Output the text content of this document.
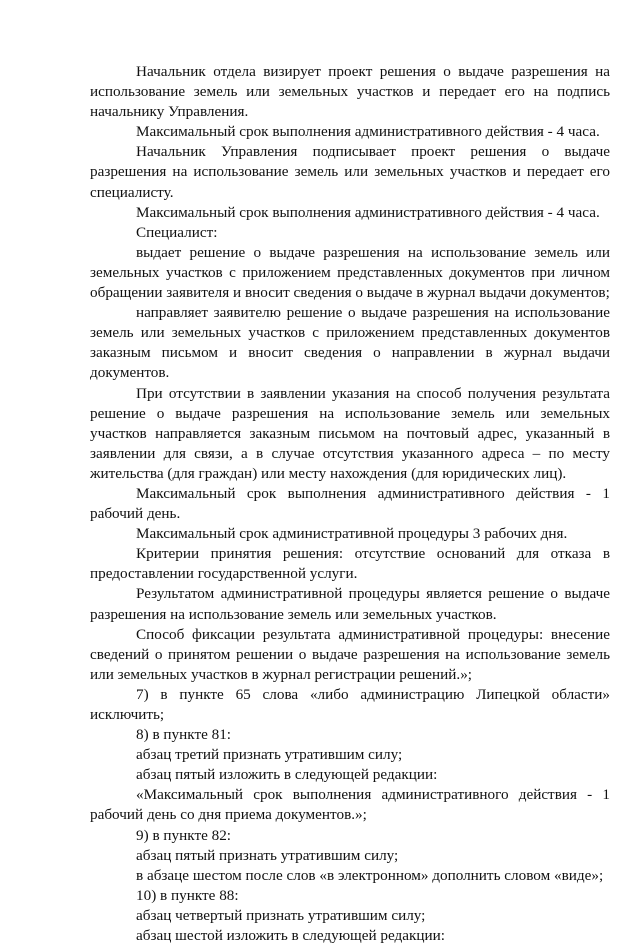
Начальник отдела визирует проект решения о выдаче разрешения на использование земель или земельных участков и передает его на подпись начальнику Управления.

Максимальный срок выполнения административного действия - 4 часа.

Начальник Управления подписывает проект решения о выдаче разрешения на использование земель или земельных участков и передает его специалисту.

Максимальный срок выполнения административного действия - 4 часа.

Специалист:

выдает решение о выдаче разрешения на использование земель или земельных участков с приложением представленных документов при личном обращении заявителя и вносит сведения о выдаче в журнал выдачи документов;

направляет заявителю решение о выдаче разрешения на использование земель или земельных участков с приложением представленных документов заказным письмом и вносит сведения о направлении в журнал выдачи документов.

При отсутствии в заявлении указания на способ получения результата решение о выдаче разрешения на использование земель или земельных участков направляется заказным письмом на почтовый адрес, указанный в заявлении для связи, а в случае отсутствия указанного адреса – по месту жительства (для граждан) или месту нахождения (для юридических лиц).

Максимальный срок выполнения административного действия - 1 рабочий день.

Максимальный срок административной процедуры 3 рабочих дня.

Критерии принятия решения: отсутствие оснований для отказа в предоставлении государственной услуги.

Результатом административной процедуры является решение о выдаче разрешения на использование земель или земельных участков.

Способ фиксации результата административной процедуры: внесение сведений о принятом решении о выдаче разрешения на использование земель или земельных участков в журнал регистрации решений.»;

7) в пункте 65 слова «либо администрацию Липецкой области» исключить;

8) в пункте 81:

абзац третий признать утратившим силу;

абзац пятый изложить в следующей редакции:

«Максимальный срок выполнения административного действия - 1 рабочий день со дня приема документов.»;

9) в пункте 82:

абзац пятый признать утратившим силу;

в абзаце шестом после слов «в электронном» дополнить словом «виде»;

10) в пункте 88:

абзац четвертый признать утратившим силу;

абзац шестой изложить в следующей редакции:
